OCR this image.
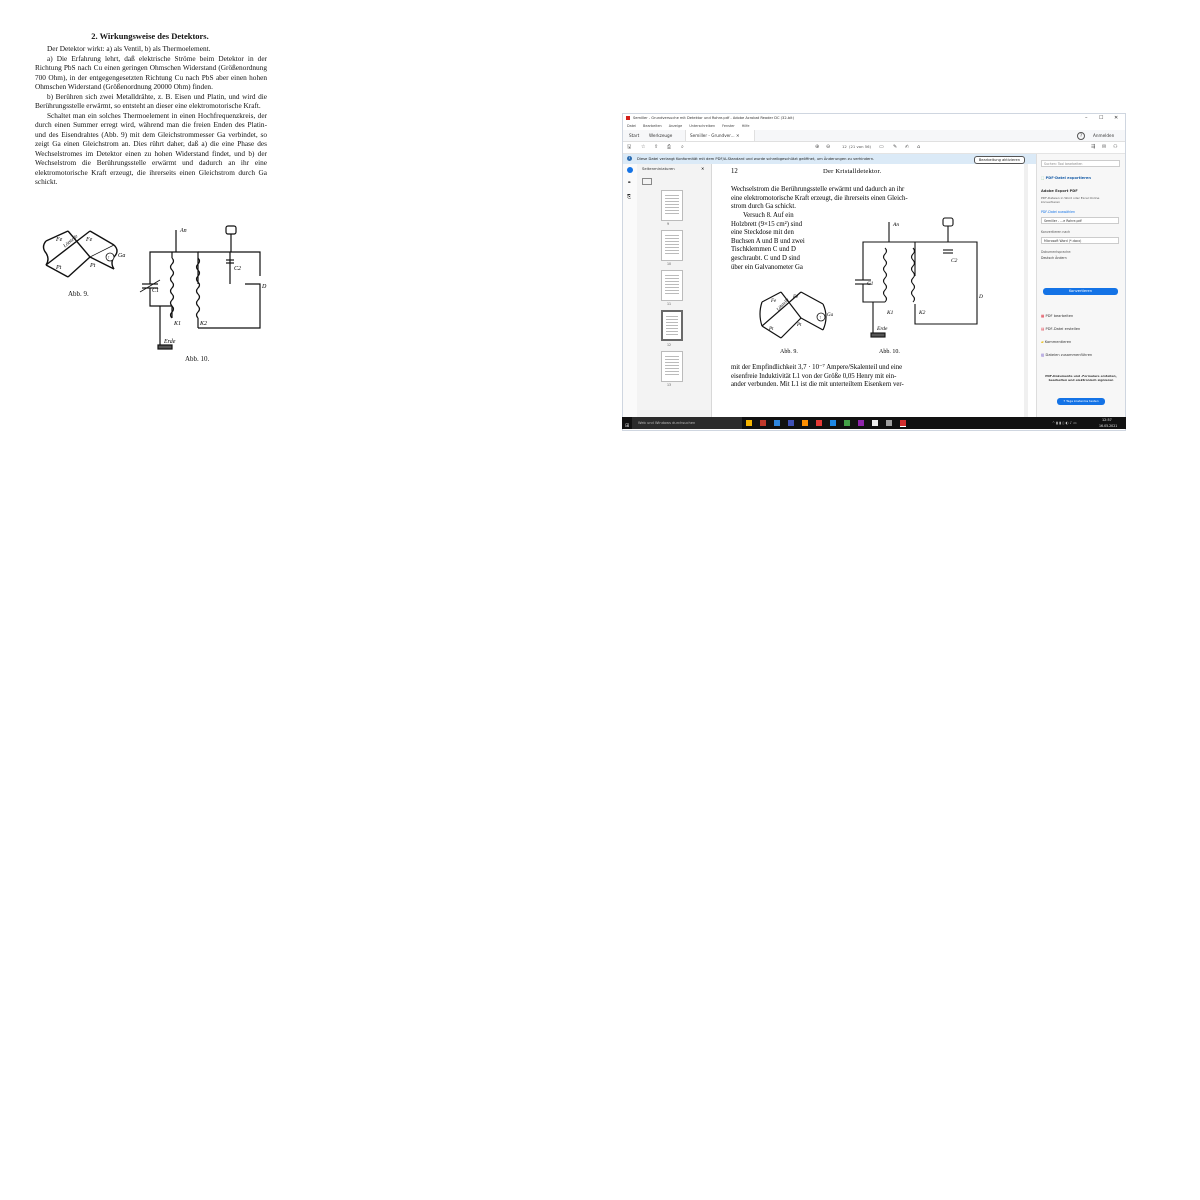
2. Wirkungsweise des Detektors.

Der Detektor wirkt: a) als Ventil, b) als Thermoelement.

a) Die Erfahrung lehrt, daß elektrische Ströme beim Detektor in der Richtung PbS nach Cu einen geringen Ohmschen Widerstand (Größenordnung 700 Ohm), in der entgegengesetzten Richtung Cu nach PbS aber einen hohen Ohmschen Widerstand (Größenordnung 20000 Ohm) finden.

b) Berühren sich zwei Metalldrähte, z. B. Eisen und Platin, und wird die Berührungsstelle erwärmt, so entsteht an dieser eine elektromotorische Kraft.

Schaltet man ein solches Thermoelement in einen Hochfrequenzkreis, der durch einen Summer erregt wird, während man die freien Enden des Platin- und des Eisendrahtes (Abb. 9) mit dem Gleichstrommesser Ga verbindet, so zeigt Ga einen Gleichstrom an. Dies rührt daher, daß a) die eine Phase des Wechselstromes im Detektor einen zu hohen Widerstand findet, und b) der Wechselstrom die Berührungsstelle erwärmt und dadurch an ihr eine elektromotorische Kraft erzeugt, die ihrerseits einen Gleichstrom durch Ga schickt.

↑
Fe	Fe
Lötstelle
Pt	Pt
Ga
Abb. 9.
An
C1
C2
K1	K2
D
Erde
Abb. 10.
Semiller - Grundversuche mit Detektor und Rohre.pdf - Adobe Acrobat Reader DC (32-bit)	– ☐ ✕
Datei Bearbeiten Anzeige Unterschreiben Fenster Hilfe
Start	Werkzeuge	Semiller - Grundver... ✕	?	Anmelden
🖫 ☆ ⇪ ⎙ ⌕	⊕ ⊖	12 (21 von 56) ▭ ✎ ✍ ⌂	⇶ ✉ ⚇
i	Diese Datei verlangt Konformität mit dem PDF/A-Standard und wurde schreibgeschützt geöffnet, um Änderungen zu verhindern.	Bearbeitung aktivieren
⚭
⎘
Seitenminiaturen	✕
9
10
11
12
13
12	Der Kristalldetektor.
Wechselstrom die Berührungsstelle erwärmt und dadurch an ihr
eine elektromotorische Kraft erzeugt, die ihrerseits einen Gleich-
strom durch Ga schickt.
Versuch 8. Auf ein
Holzbrett (9×15 cm²) sind
eine Steckdose mit den
Buchsen A und B und zwei
Tischklemmen C und D
geschraubt. C und D sind
über ein Galvanometer Ga
↑
Fe
Fe
Lötstelle
Pt
Pt
Ga
Abb. 9.
An
C1
C2
K1	K2
D
Erde
Abb. 10.
mit der Empfindlichkeit 3,7 · 10⁻⁷ Ampere/Skalenteil und eine
eisenfreie Induktivität L1 von der Größe 0,05 Henry mit ein-
ander verbunden. Mit L1 ist die mit unterteiltem Eisenkern ver-
Suchen: Tool bearbeiten
⬚ PDF-Datei exportieren
Adobe Export PDF
PDF-Dateien in Word oder Excel Online konvertieren
PDF-Datei auswählen
Semiller - ...e Rohre.pdf
Konvertieren nach
Microsoft Word (*.docx)
Dokumentsprache:
Deutsch Ändern
Konvertieren
▦ PDF bearbeiten
▤ PDF-Datei erstellen
▰ Kommentieren
▥ Dateien zusammenführen
PDF-Dokumente und -Formulare erstellen, bearbeiten und elektronisch signieren
7 Tage kostenlos testen
⊞	Web und Windows durchsuchen	^ ▮ ▮ ▯ ◐ ♪ ▭
12:57
16.05.2021
